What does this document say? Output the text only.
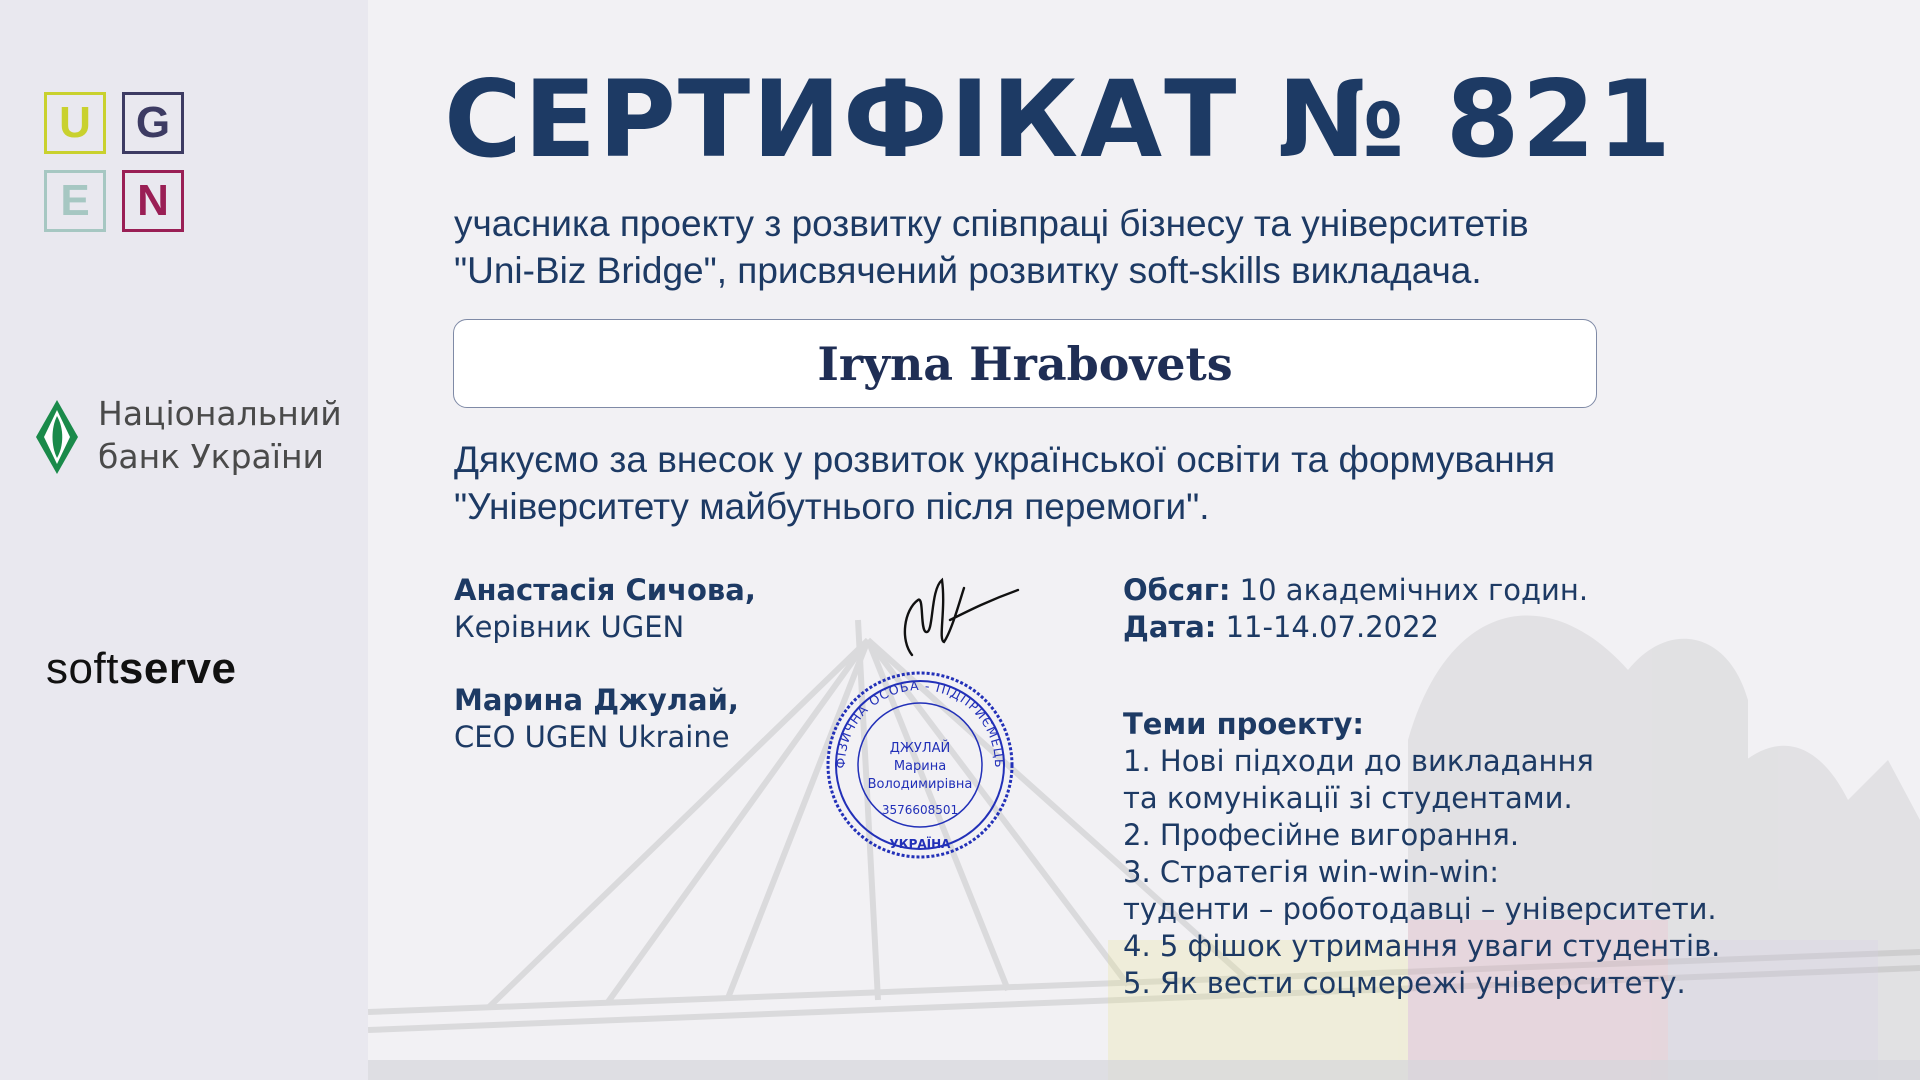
U	G
E	N
Національний
банк України
softserve
СЕРТИФІКАТ № 821
учасника проекту з розвитку співпраці бізнесу та університетів
"Uni-Biz Bridge", присвячений розвитку soft-skills викладача.
Iryna Hrabovets
Дякуємо за внесок у розвиток української освіти та формування
"Університету майбутнього після перемоги".
Анастасія Сичова,
Керівник UGEN
Марина Джулай,
CEO UGEN Ukraine
ФІЗИЧНА ОСОБА - ПІДПРИЄМЕЦЬ
ДЖУЛАЙ
Марина
Володимирівна
3576608501
УКРАЇНА
Обсяг: 10 академічних годин.
Дата: 11-14.07.2022
Теми проекту:
1. Нові підходи до викладання
та комунікації зі студентами.
2. Професійне вигорання.
3. Стратегія win-win-win:
туденти – роботодавці – університети.
4. 5 фішок утримання уваги студентів.
5. Як вести соцмережі університету.
